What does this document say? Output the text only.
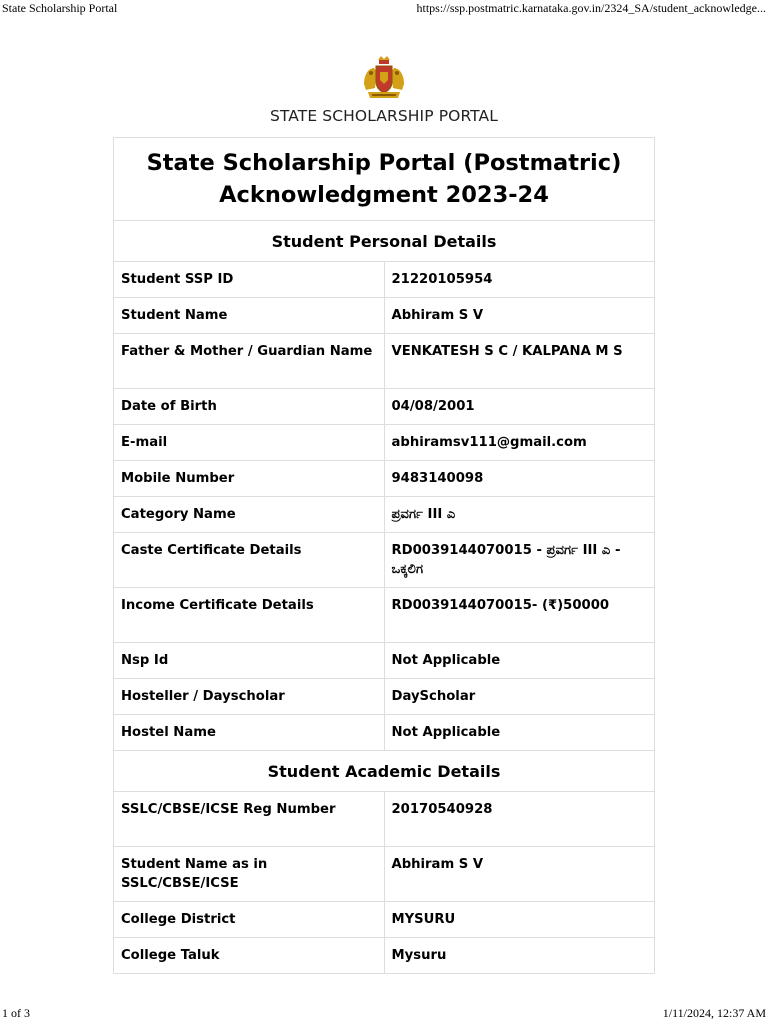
State Scholarship Portal	https://ssp.postmatric.karnataka.gov.in/2324_SA/student_acknowledge...
STATE SCHOLARSHIP PORTAL
State Scholarship Portal (Postmatric)
Acknowledgment 2023-24	

Student Personal Details	
Student SSP ID	21220105954
Student Name	Abhiram S V
Father & Mother / Guardian Name	VENKATESH S C / KALPANA M S
Date of Birth	04/08/2001
E-mail	abhiramsv111@gmail.com
Mobile Number	9483140098
Category Name	ಪ್ರವರ್ಗ III ಎ
Caste Certificate Details	RD0039144070015 - ಪ್ರವರ್ಗ III ಎ - ಒಕ್ಕಲಿಗ
Income Certificate Details	RD0039144070015- (₹)50000
Nsp Id	Not Applicable
Hosteller / Dayscholar	DayScholar
Hostel Name	Not Applicable
Student Academic Details	
SSLC/CBSE/ICSE Reg Number	20170540928
Student Name as in SSLC/CBSE/ICSE	Abhiram S V
College District	MYSURU
College Taluk	Mysuru
1 of 3	1/11/2024, 12:37 AM
